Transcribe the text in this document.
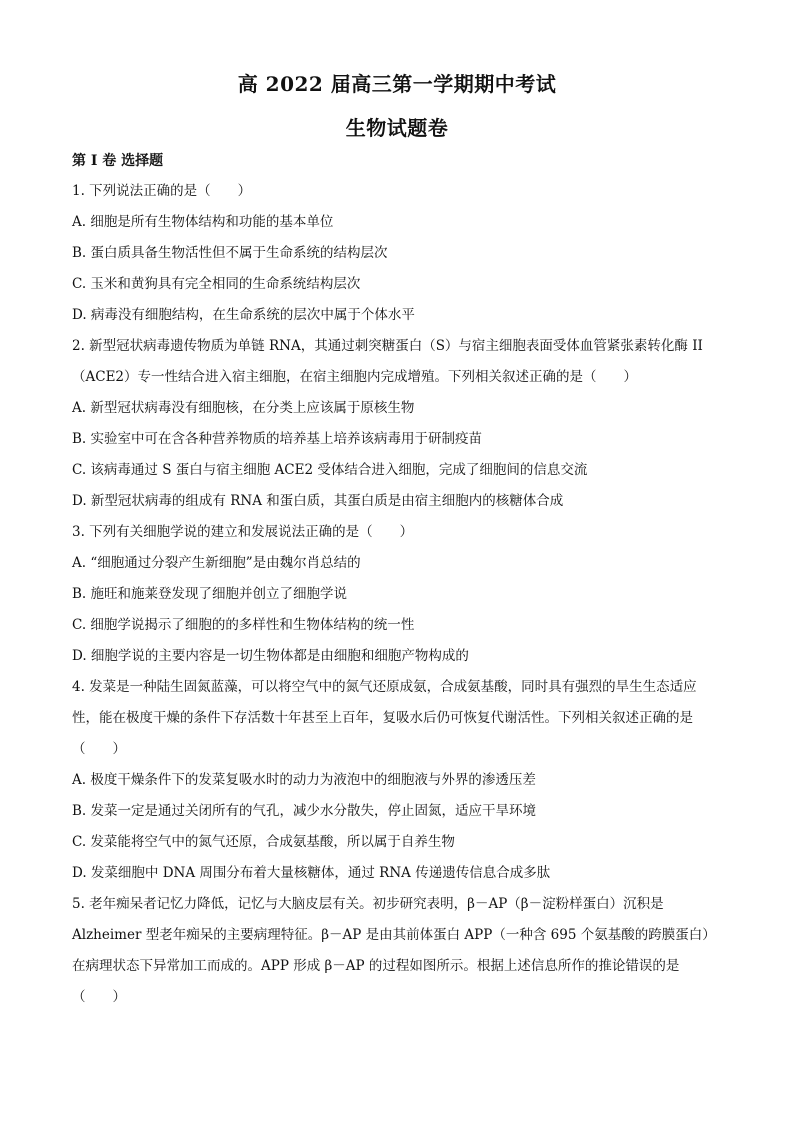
高 2022 届高三第一学期期中考试
生物试题卷
第 I 卷 选择题
1. 下列说法正确的是（　　）
A. 细胞是所有生物体结构和功能的基本单位
B. 蛋白质具备生物活性但不属于生命系统的结构层次
C. 玉米和黄狗具有完全相同的生命系统结构层次
D. 病毒没有细胞结构，在生命系统的层次中属于个体水平
2. 新型冠状病毒遗传物质为单链 RNA，其通过刺突糖蛋白（S）与宿主细胞表面受体血管紧张素转化酶 II
（ACE2）专一性结合进入宿主细胞，在宿主细胞内完成增殖。下列相关叙述正确的是（　　）
A. 新型冠状病毒没有细胞核，在分类上应该属于原核生物
B. 实验室中可在含各种营养物质的培养基上培养该病毒用于研制疫苗
C. 该病毒通过 S 蛋白与宿主细胞 ACE2 受体结合进入细胞，完成了细胞间的信息交流
D. 新型冠状病毒的组成有 RNA 和蛋白质，其蛋白质是由宿主细胞内的核糖体合成
3. 下列有关细胞学说的建立和发展说法正确的是（　　）
A. “细胞通过分裂产生新细胞”是由魏尔肖总结的
B. 施旺和施莱登发现了细胞并创立了细胞学说
C. 细胞学说揭示了细胞的的多样性和生物体结构的统一性
D. 细胞学说的主要内容是一切生物体都是由细胞和细胞产物构成的
4. 发菜是一种陆生固氮蓝藻，可以将空气中的氮气还原成氨，合成氨基酸，同时具有强烈的旱生生态适应
性，能在极度干燥的条件下存活数十年甚至上百年，复吸水后仍可恢复代谢活性。下列相关叙述正确的是
（　　）
A. 极度干燥条件下的发菜复吸水时的动力为液泡中的细胞液与外界的渗透压差
B. 发菜一定是通过关闭所有的气孔，减少水分散失，停止固氮，适应干旱环境
C. 发菜能将空气中的氮气还原，合成氨基酸，所以属于自养生物
D. 发菜细胞中 DNA 周围分布着大量核糖体，通过 RNA 传递遗传信息合成多肽
5. 老年痴呆者记忆力降低，记忆与大脑皮层有关。初步研究表明，β－AP（β－淀粉样蛋白）沉积是
Alzheimer 型老年痴呆的主要病理特征。β－AP 是由其前体蛋白 APP（一种含 695 个氨基酸的跨膜蛋白）
在病理状态下异常加工而成的。APP 形成 β－AP 的过程如图所示。根据上述信息所作的推论错误的是
（　　）
